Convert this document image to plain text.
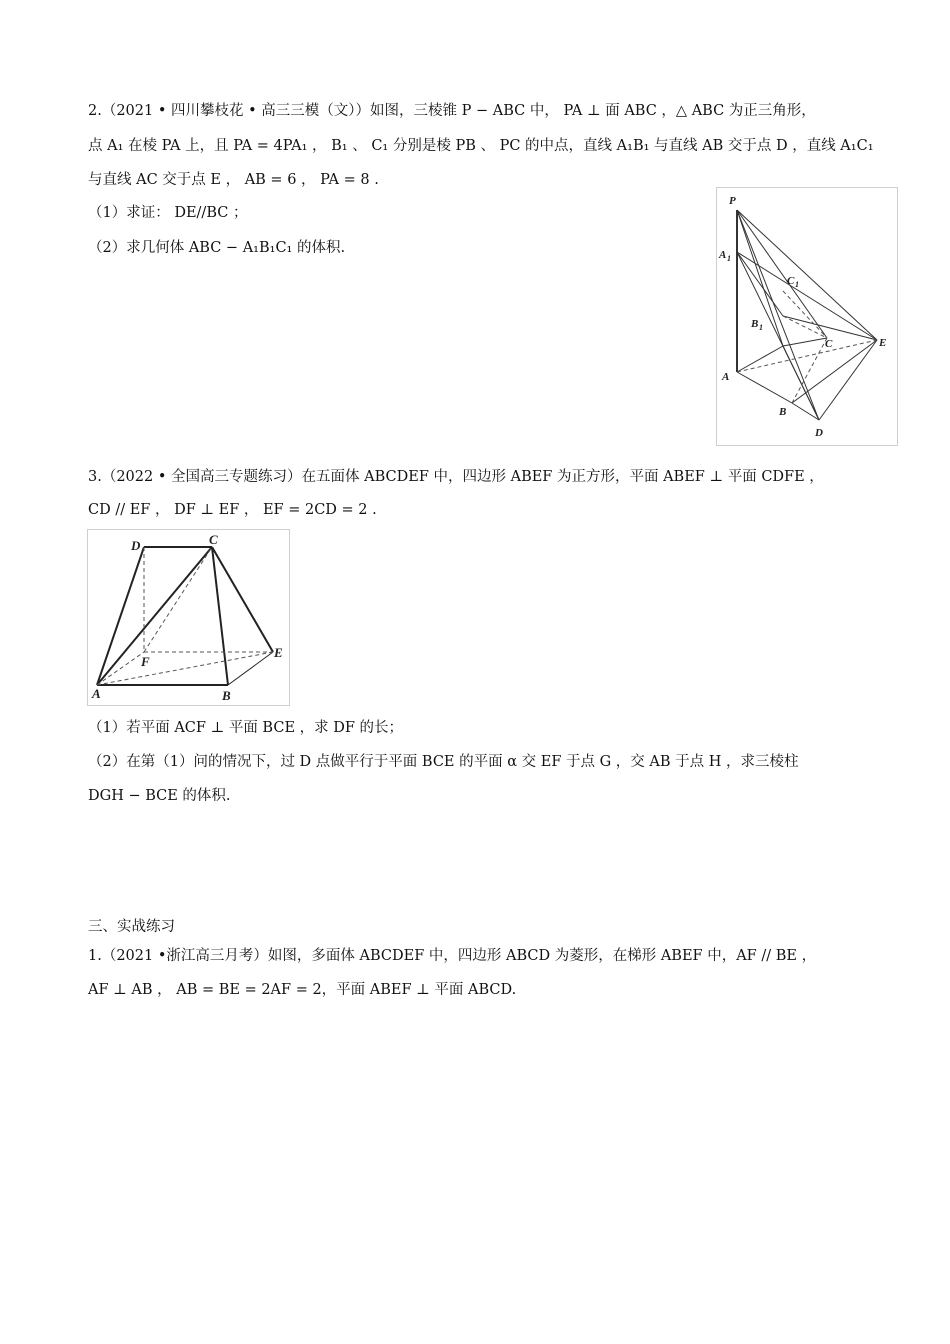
2.（2021 • 四川攀枝花 • 高三三模（文））如图，三棱锥 P − ABC 中， PA ⊥ 面 ABC ，△ ABC 为正三角形，
点 A₁ 在棱 PA 上，且 PA = 4PA₁ ， B₁ 、 C₁ 分别是棱 PB 、 PC 的中点，直线 A₁B₁ 与直线 AB 交于点 D ，直线 A₁C₁
与直线 AC 交于点 E ， AB = 6 ， PA = 8 .
（1）求证： DE//BC ；
（2）求几何体 ABC − A₁B₁C₁ 的体积.
P
A 1
C 1
B 1
C	E
A
B
D
3.（2022 • 全国高三专题练习）在五面体 ABCDEF 中，四边形 ABEF 为正方形，平面 ABEF ⊥ 平面 CDFE ，
CD // EF ， DF ⊥ EF ， EF = 2CD = 2 .
D	C
F
E
A	B
（1）若平面 ACF ⊥ 平面 BCE ，求 DF 的长；
（2）在第（1）问的情况下，过 D 点做平行于平面 BCE 的平面 α 交 EF 于点 G ，交 AB 于点 H ，求三棱柱
DGH − BCE 的体积.
三、实战练习
1.（2021 •浙江高三月考）如图，多面体 ABCDEF 中，四边形 ABCD 为菱形，在梯形 ABEF 中，AF // BE ，
AF ⊥ AB ， AB = BE = 2AF = 2，平面 ABEF ⊥ 平面 ABCD.
